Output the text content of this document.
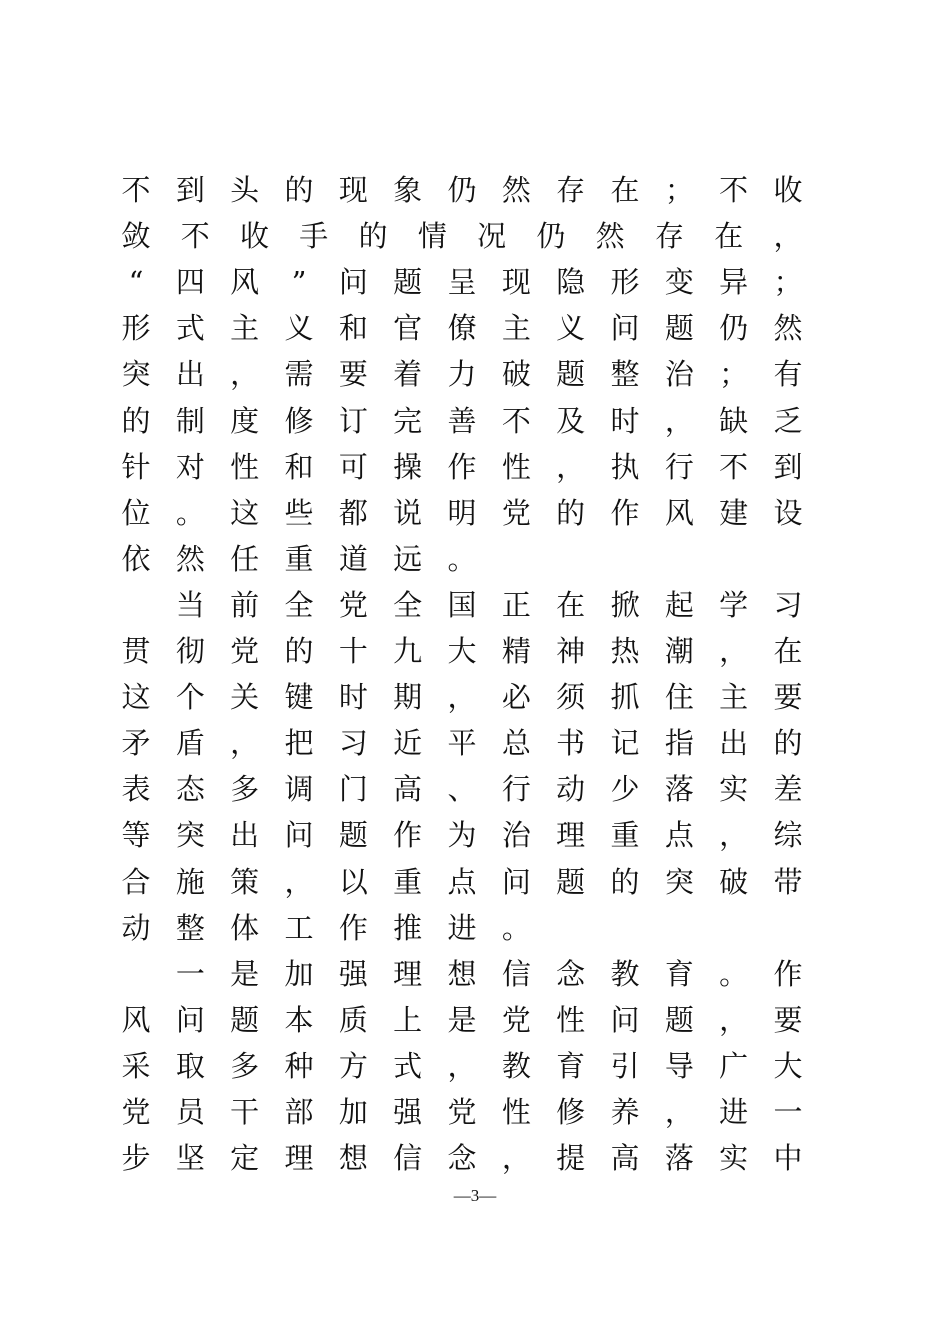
不 到 头 的 现 象 仍 然 存 在 ； 不 收
敛 不 收 手 的 情 况 仍 然 存 在 ，
“	四 风	”	问 题 呈 现 隐 形 变 异 ；
形 式 主 义 和 官 僚 主 义 问 题 仍 然
突 出 ， 需 要 着 力 破 题 整 治 ； 有
的 制 度 修 订 完 善 不 及 时 ， 缺 乏
针 对 性 和 可 操 作 性 ， 执 行 不 到
位 。 这 些 都 说 明 党 的 作 风 建 设
依 然 任 重 道 远 。

当 前 全 党 全 国 正 在 掀 起 学 习
贯 彻 党 的 十 九 大 精 神 热 潮 ， 在
这 个 关 键 时 期 ， 必 须 抓 住 主 要
矛 盾 ， 把 习 近 平 总 书 记 指 出 的
表 态 多 调 门 高 、 行 动 少 落 实 差
等 突 出 问 题 作 为 治 理 重 点 ， 综
合 施 策 ， 以 重 点 问 题 的 突 破 带
动 整 体 工 作 推 进 。

一 是 加 强 理 想 信 念 教 育 。 作
风 问 题 本 质 上 是 党 性 问 题 ， 要
采 取 多 种 方 式 ， 教 育 引 导 广 大
党 员 干 部 加 强 党 性 修 养 ， 进 一
步 坚 定 理 想 信 念 ， 提 高 落 实 中
—3—
